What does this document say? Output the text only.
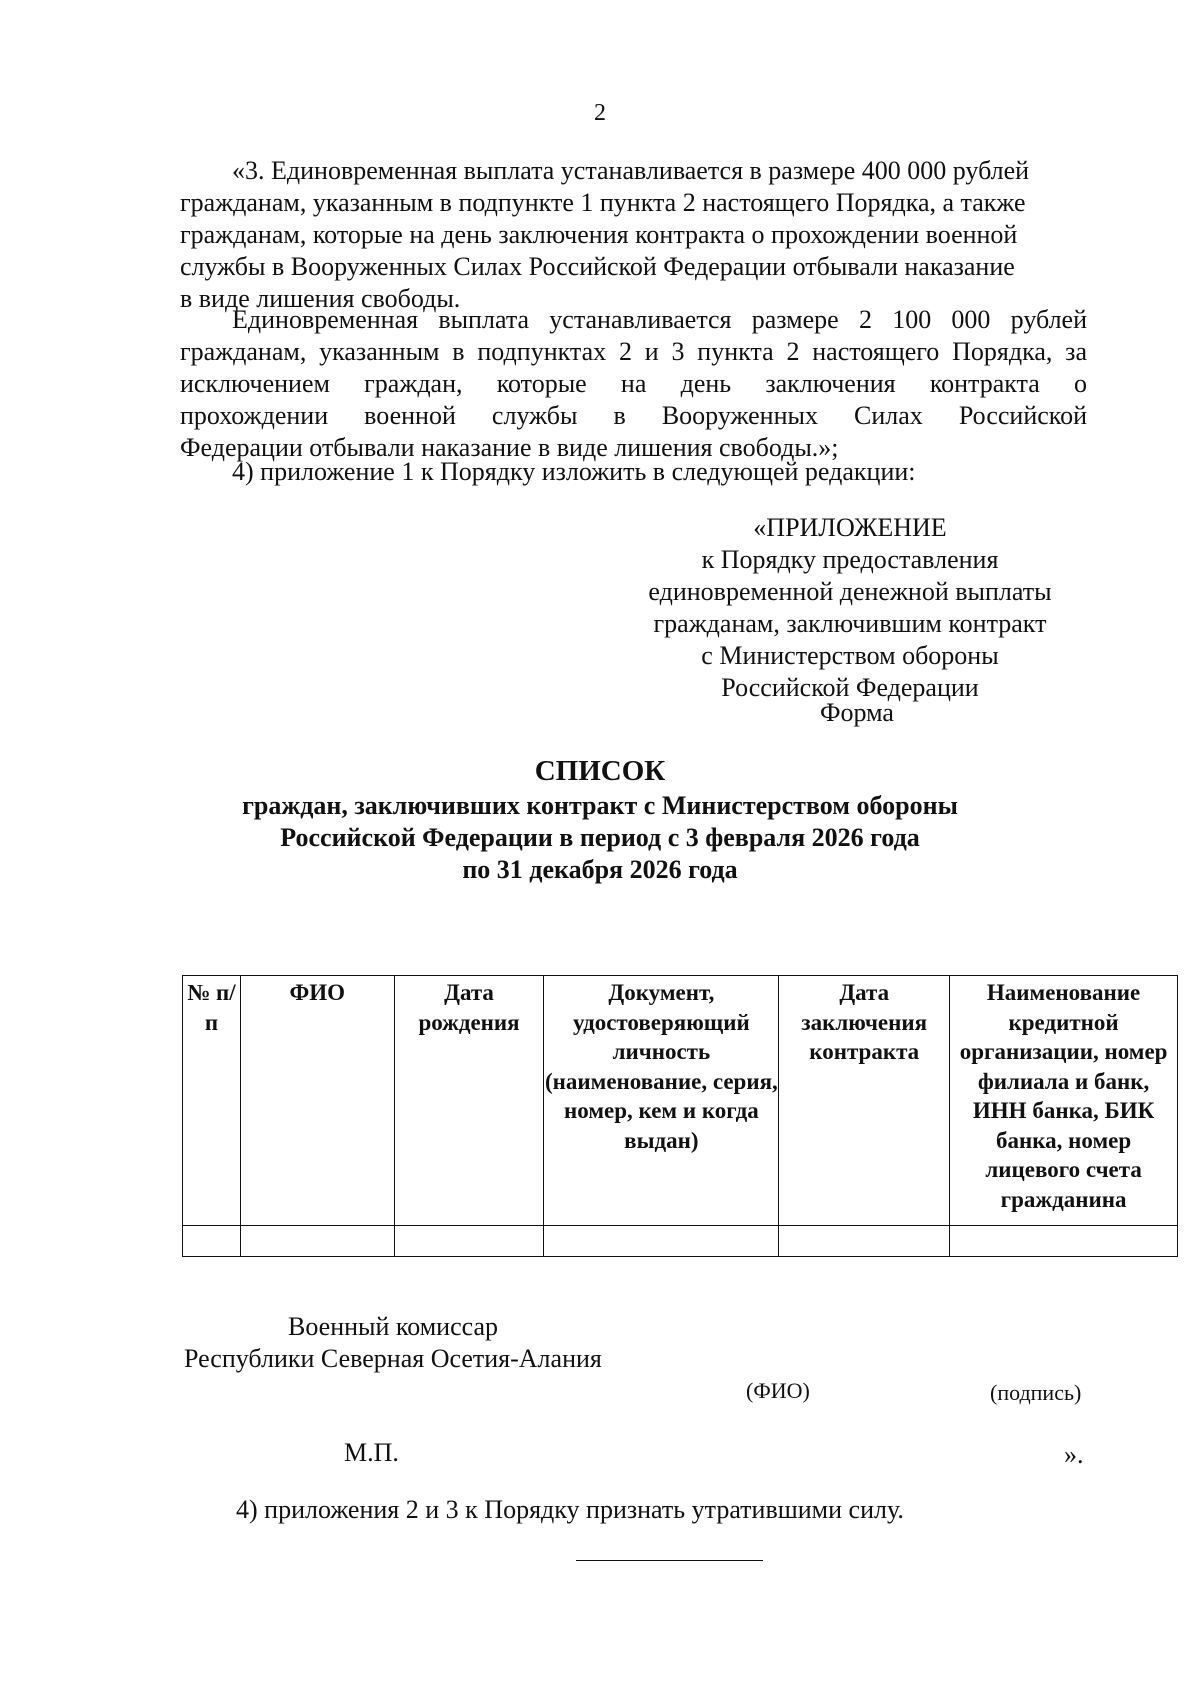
2
«3. Единовременная выплата устанавливается в размере 400 000 рублей
гражданам, указанным в подпункте 1 пункта 2 настоящего Порядка, а также
гражданам, которые на день заключения контракта о прохождении военной
службы в Вооруженных Силах Российской Федерации отбывали наказание
в виде лишения свободы.
Единовременная выплата устанавливается размере 2 100 000 рублей
гражданам, указанным в подпунктах 2 и 3 пункта 2 настоящего Порядка, за
исключением граждан, которые на день заключения контракта о
прохождении военной службы в Вооруженных Силах Российской
Федерации отбывали наказание в виде лишения свободы.»;
4) приложение 1 к Порядку изложить в следующей редакции:
«ПРИЛОЖЕНИЕ
к Порядку предоставления
единовременной денежной выплаты
гражданам, заключившим контракт
с Министерством обороны
Российской Федерации
Форма
СПИСОК
граждан, заключивших контракт с Министерством обороны
Российской Федерации в период с 3 февраля 2026 года
по 31 декабря 2026 года
№ п/п	ФИО	Дата рождения	Документ, удостоверяющий личность (наименование, серия, номер, кем и когда выдан)	Дата заключения контракта	Наименование кредитной организации, номер филиала и банк, ИНН банка, БИК банка, номер лицевого счета гражданина

Военный комиссар
Республики Северная Осетия-Алания
(ФИО)	(подпись)
М.П.	».
4) приложения 2 и 3 к Порядку признать утратившими силу.
